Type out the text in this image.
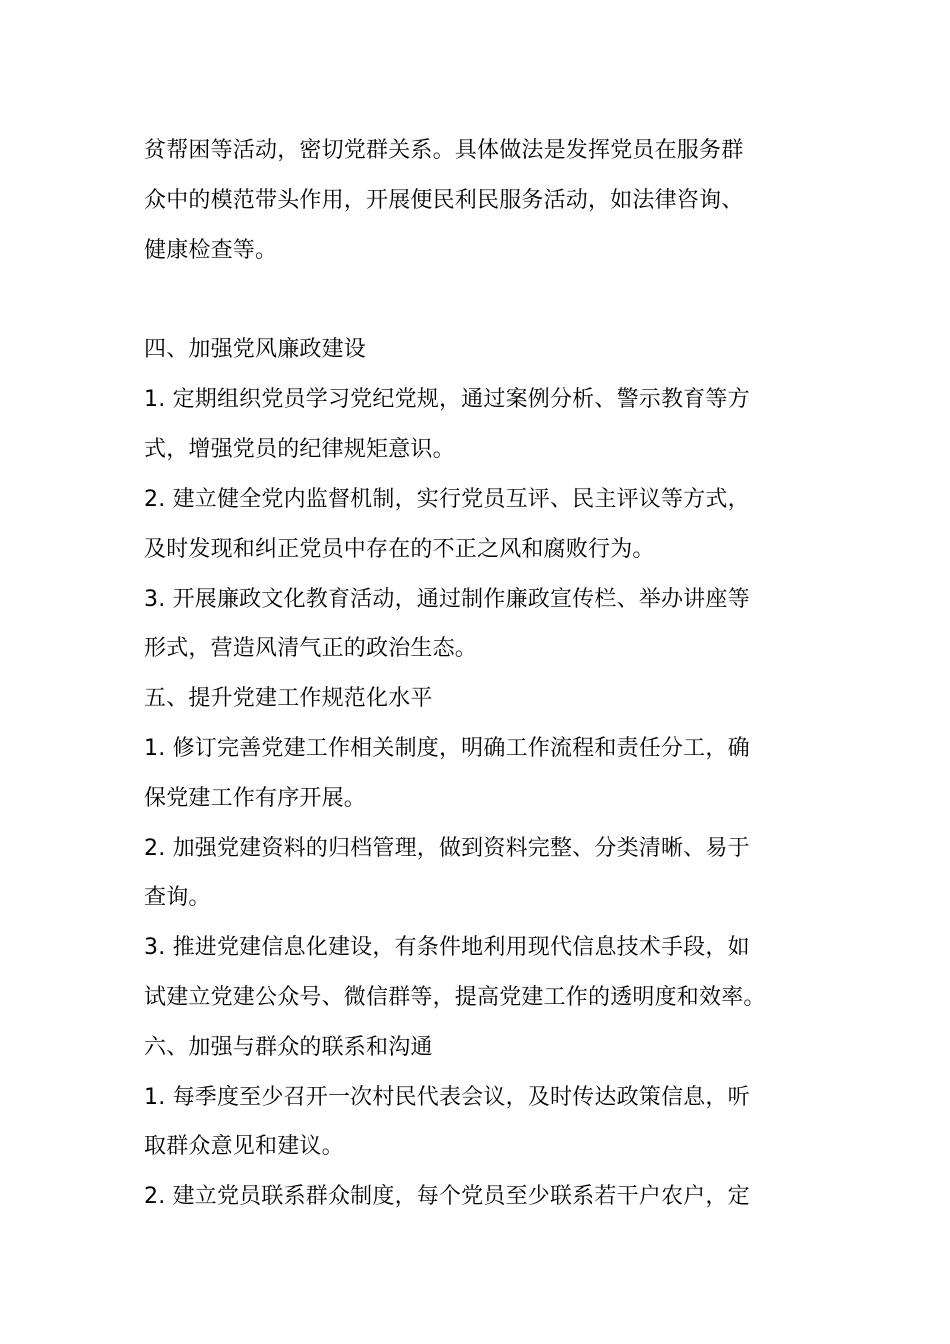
贫帮困等活动，密切党群关系。具体做法是发挥党员在服务群
众中的模范带头作用，开展便民利民服务活动，如法律咨询、
健康检查等。
四、加强党风廉政建设
1. 定期组织党员学习党纪党规，通过案例分析、警示教育等方
式，增强党员的纪律规矩意识。
2. 建立健全党内监督机制，实行党员互评、民主评议等方式，
及时发现和纠正党员中存在的不正之风和腐败行为。
3. 开展廉政文化教育活动，通过制作廉政宣传栏、举办讲座等
形式，营造风清气正的政治生态。
五、提升党建工作规范化水平
1. 修订完善党建工作相关制度，明确工作流程和责任分工，确
保党建工作有序开展。
2. 加强党建资料的归档管理，做到资料完整、分类清晰、易于
查询。
3. 推进党建信息化建设，有条件地利用现代信息技术手段，如
试建立党建公众号、微信群等，提高党建工作的透明度和效率。
六、加强与群众的联系和沟通
1. 每季度至少召开一次村民代表会议，及时传达政策信息，听
取群众意见和建议。
2. 建立党员联系群众制度，每个党员至少联系若干户农户，定
